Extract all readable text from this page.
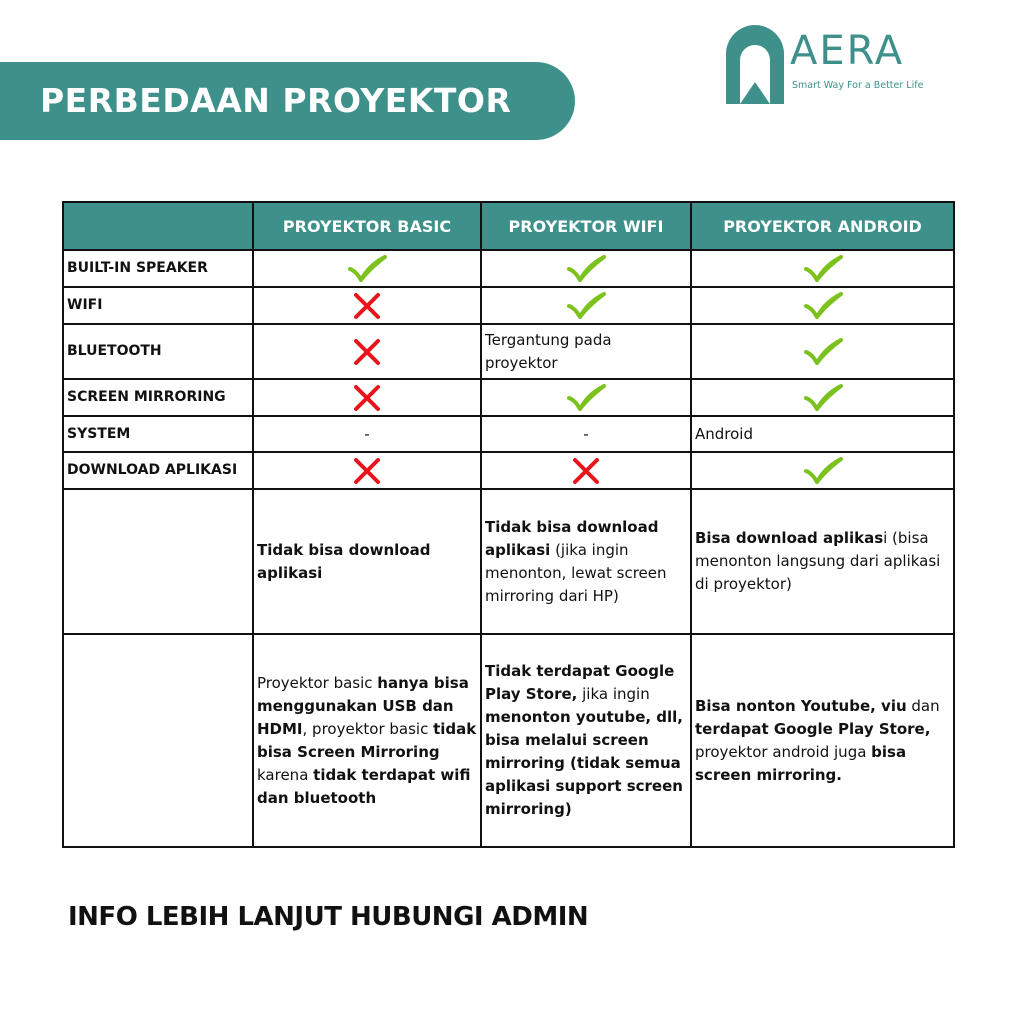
PERBEDAAN PROYEKTOR
AERA
Smart Way For a Better Life
	PROYEKTOR BASIC	PROYEKTOR WIFI	PROYEKTOR ANDROID
BUILT-IN SPEAKER			
WIFI			
BLUETOOTH		Tergantung pada proyektor	
SCREEN MIRRORING			
SYSTEM	-	-	Android
DOWNLOAD APLIKASI			
	Tidak bisa download aplikasi	Tidak bisa download aplikasi (jika ingin menonton, lewat screen mirroring dari HP)	Bisa download aplikasi (bisa menonton langsung dari aplikasi di proyektor)
	Proyektor basic hanya bisa menggunakan USB dan HDMI, proyektor basic tidak bisa Screen Mirroring karena tidak terdapat wifi dan bluetooth	Tidak terdapat Google Play Store, jika ingin menonton youtube, dll, bisa melalui screen mirroring (tidak semua aplikasi support screen mirroring)	Bisa nonton Youtube, viu dan terdapat Google Play Store, proyektor android juga bisa screen mirroring.
INFO LEBIH LANJUT HUBUNGI ADMIN
